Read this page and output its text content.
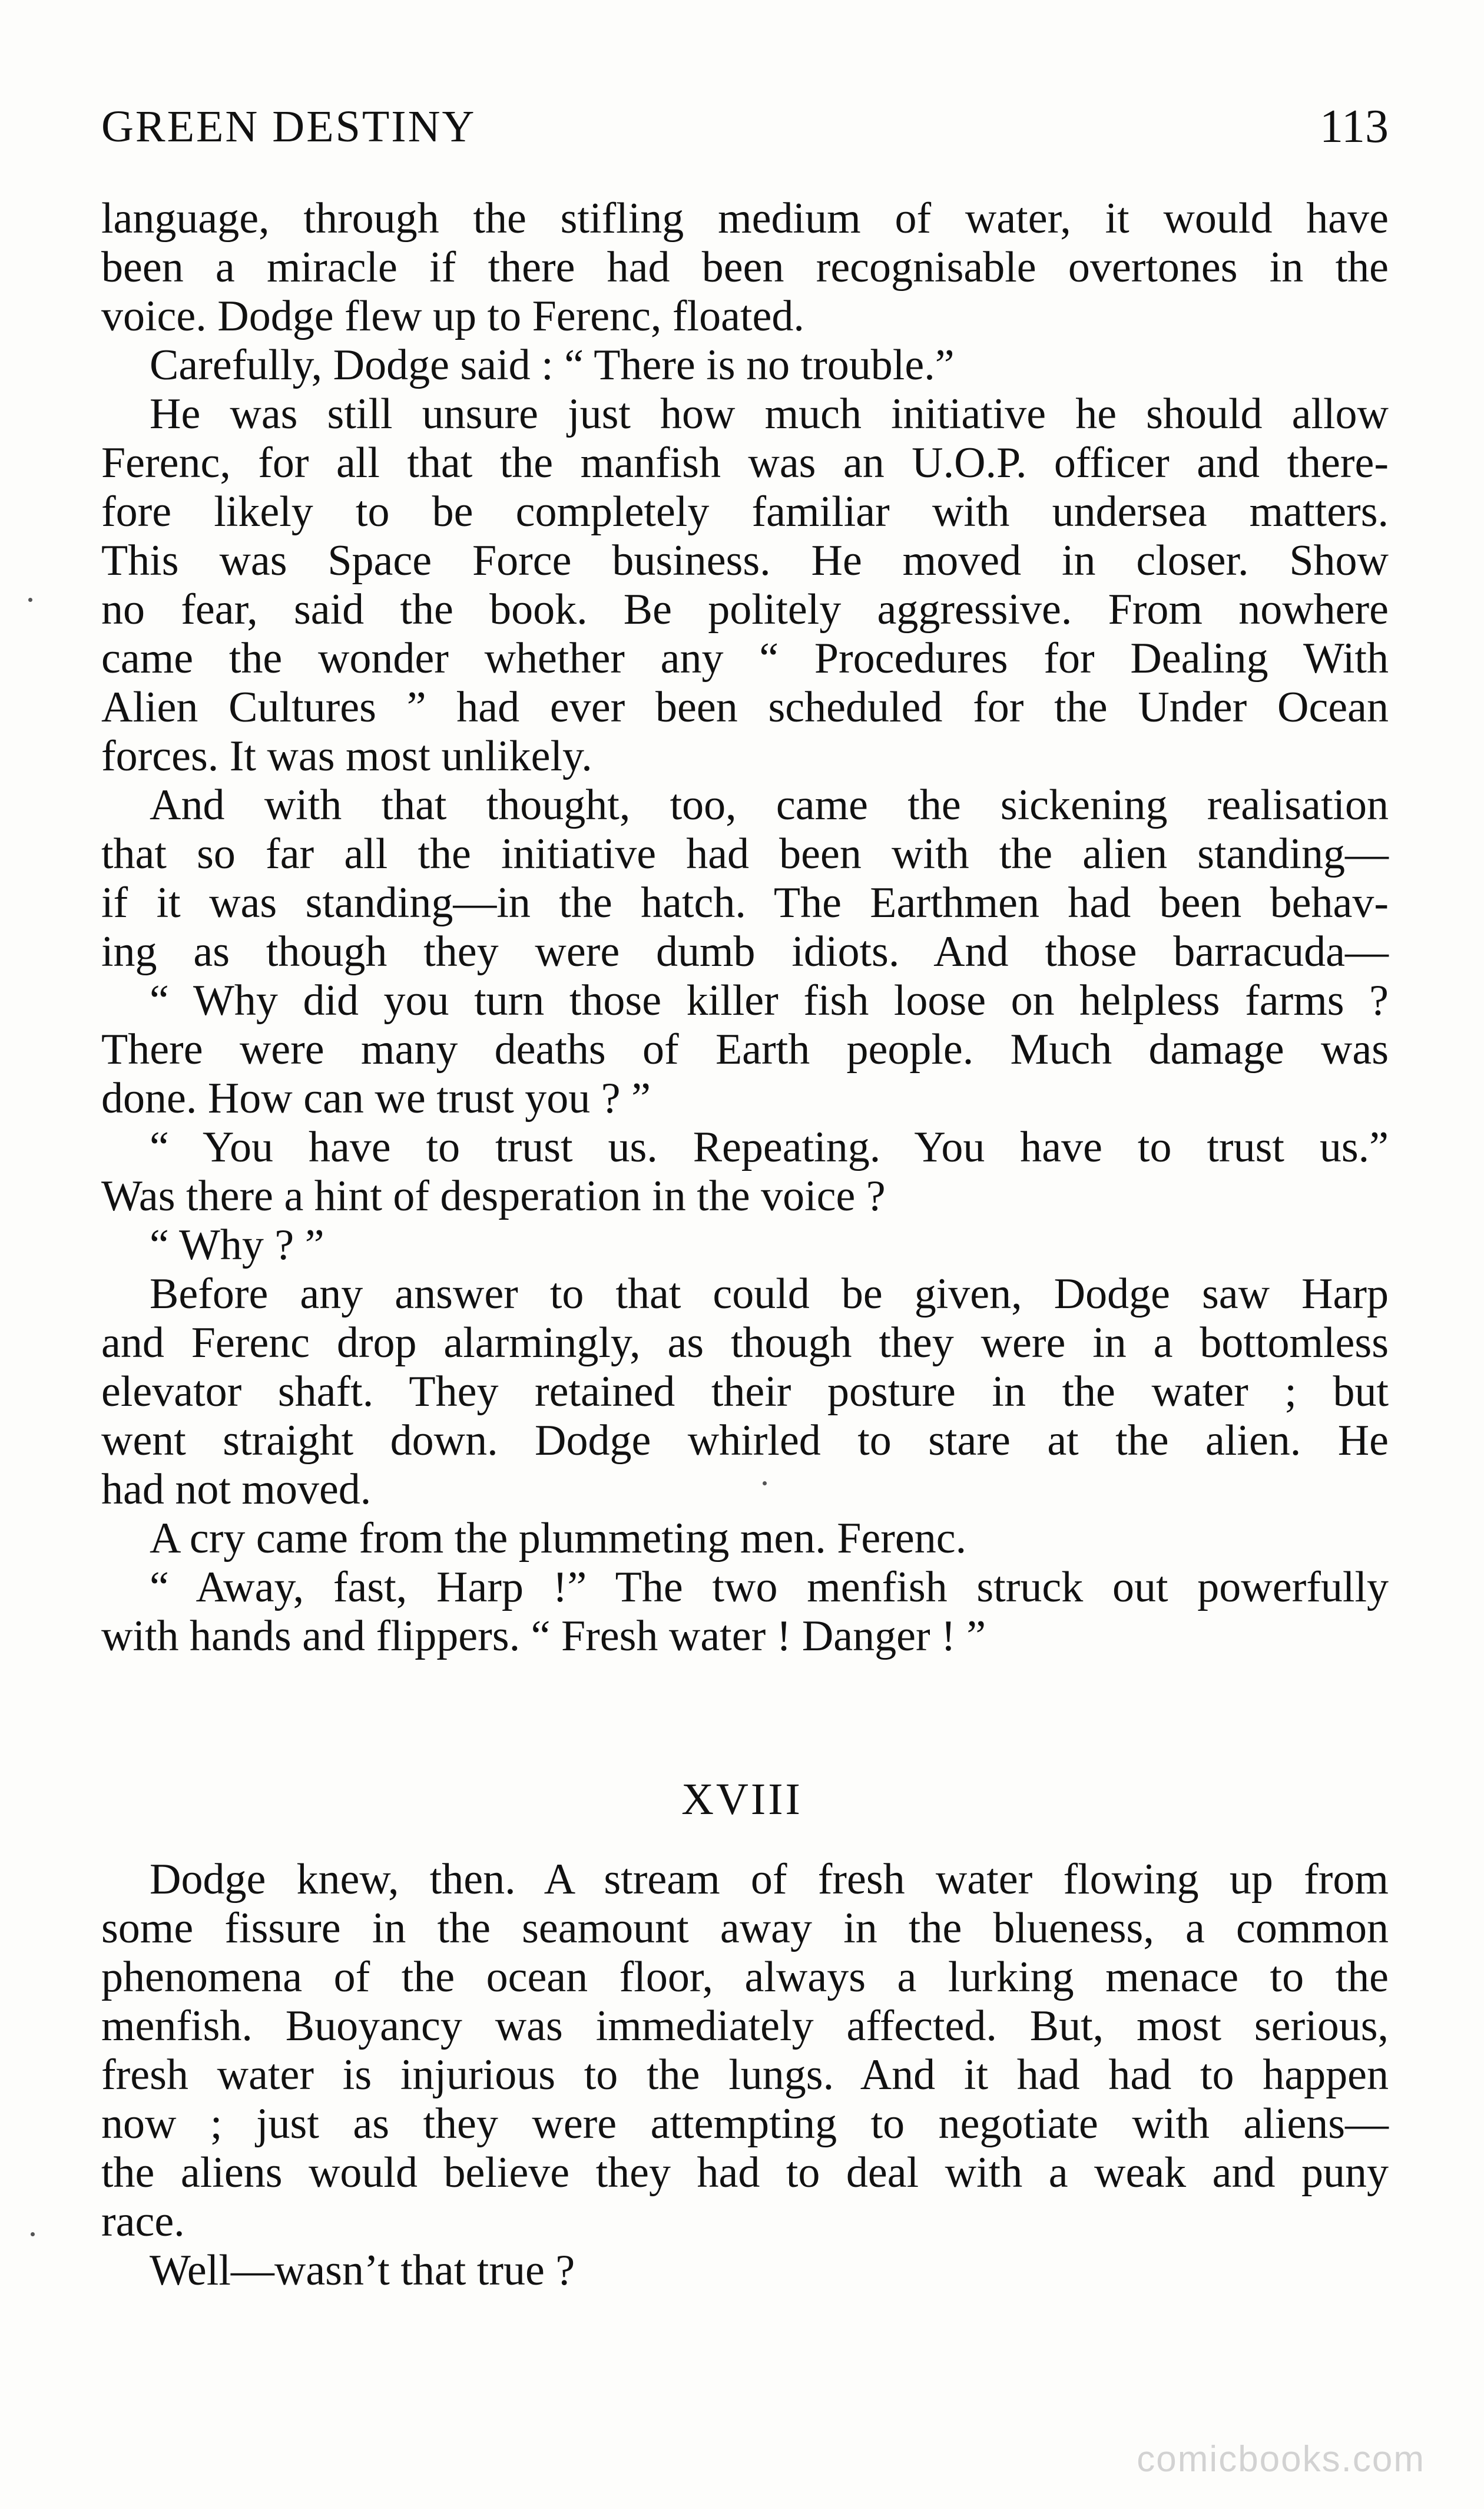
GREEN DESTINY	113
language, through the stifling medium of water, it would have
been a miracle if there had been recognisable overtones in the
voice. Dodge flew up to Ferenc, floated.
Carefully, Dodge said : “ There is no trouble.”
He was still unsure just how much initiative he should allow
Ferenc, for all that the manfish was an U.O.P. officer and there-
fore likely to be completely familiar with undersea matters.
This was Space Force business. He moved in closer. Show
no fear, said the book. Be politely aggressive. From nowhere
came the wonder whether any “ Procedures for Dealing With
Alien Cultures ” had ever been scheduled for the Under Ocean
forces. It was most unlikely.
And with that thought, too, came the sickening realisation
that so far all the initiative had been with the alien standing—
if it was standing—in the hatch. The Earthmen had been behav-
ing as though they were dumb idiots. And those barracuda—
“ Why did you turn those killer fish loose on helpless farms ?
There were many deaths of Earth people. Much damage was
done. How can we trust you ? ”
“ You have to trust us. Repeating. You have to trust us.”
Was there a hint of desperation in the voice ?
“ Why ? ”
Before any answer to that could be given, Dodge saw Harp
and Ferenc drop alarmingly, as though they were in a bottomless
elevator shaft. They retained their posture in the water ; but
went straight down. Dodge whirled to stare at the alien. He
had not moved.
A cry came from the plummeting men. Ferenc.
“ Away, fast, Harp !” The two menfish struck out powerfully
with hands and flippers. “ Fresh water ! Danger ! ”
XVIII
Dodge knew, then. A stream of fresh water flowing up from
some fissure in the seamount away in the blueness, a common
phenomena of the ocean floor, always a lurking menace to the
menfish. Buoyancy was immediately affected. But, most serious,
fresh water is injurious to the lungs. And it had had to happen
now ; just as they were attempting to negotiate with aliens—
the aliens would believe they had to deal with a weak and puny
race.
Well—wasn’t that true ?
comicbooks.com
